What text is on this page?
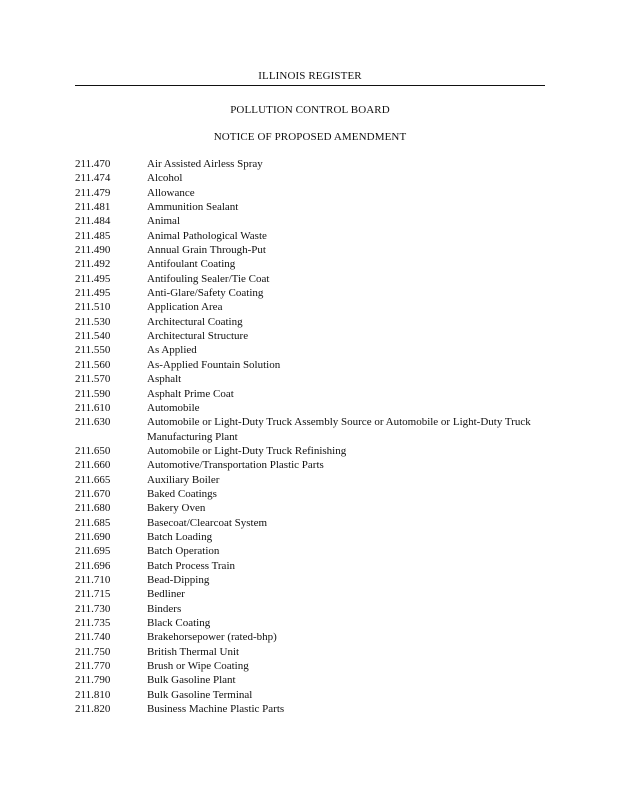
ILLINOIS REGISTER
POLLUTION CONTROL BOARD
NOTICE OF PROPOSED AMENDMENT
211.470	Air Assisted Airless Spray
211.474	Alcohol
211.479	Allowance
211.481	Ammunition Sealant
211.484	Animal
211.485	Animal Pathological Waste
211.490	Annual Grain Through-Put
211.492	Antifoulant Coating
211.495	Antifouling Sealer/Tie Coat
211.495	Anti-Glare/Safety Coating
211.510	Application Area
211.530	Architectural Coating
211.540	Architectural Structure
211.550	As Applied
211.560	As-Applied Fountain Solution
211.570	Asphalt
211.590	Asphalt Prime Coat
211.610	Automobile
211.630	Automobile or Light-Duty Truck Assembly Source or Automobile or Light-Duty Truck Manufacturing Plant
211.650	Automobile or Light-Duty Truck Refinishing
211.660	Automotive/Transportation Plastic Parts
211.665	Auxiliary Boiler
211.670	Baked Coatings
211.680	Bakery Oven
211.685	Basecoat/Clearcoat System
211.690	Batch Loading
211.695	Batch Operation
211.696	Batch Process Train
211.710	Bead-Dipping
211.715	Bedliner
211.730	Binders
211.735	Black Coating
211.740	Brakehorsepower (rated-bhp)
211.750	British Thermal Unit
211.770	Brush or Wipe Coating
211.790	Bulk Gasoline Plant
211.810	Bulk Gasoline Terminal
211.820	Business Machine Plastic Parts
